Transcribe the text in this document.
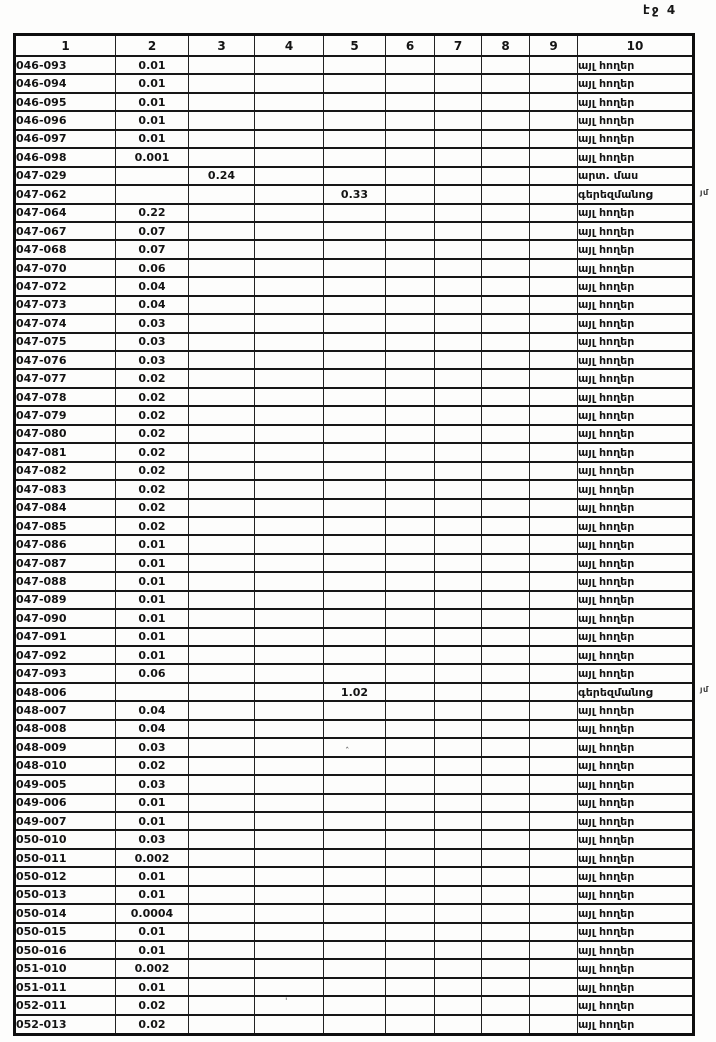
էջ 4
1	2	3	4	5	6	7	8	9	10
046-093	0.01								այլ հողեր
046-094	0.01								այլ հողեր
046-095	0.01								այլ հողեր
046-096	0.01								այլ հողեր
046-097	0.01								այլ հողեր
046-098	0.001								այլ հողեր
047-029		0.24							արտ. մաս
047-062				0.33					գերեզմանոց
047-064	0.22								այլ հողեր
047-067	0.07								այլ հողեր
047-068	0.07								այլ հողեր
047-070	0.06								այլ հողեր
047-072	0.04								այլ հողեր
047-073	0.04								այլ հողեր
047-074	0.03								այլ հողեր
047-075	0.03								այլ հողեր
047-076	0.03								այլ հողեր
047-077	0.02								այլ հողեր
047-078	0.02								այլ հողեր
047-079	0.02								այլ հողեր
047-080	0.02								այլ հողեր
047-081	0.02								այլ հողեր
047-082	0.02								այլ հողեր
047-083	0.02								այլ հողեր
047-084	0.02								այլ հողեր
047-085	0.02								այլ հողեր
047-086	0.01								այլ հողեր
047-087	0.01								այլ հողեր
047-088	0.01								այլ հողեր
047-089	0.01								այլ հողեր
047-090	0.01								այլ հողեր
047-091	0.01								այլ հողեր
047-092	0.01								այլ հողեր
047-093	0.06								այլ հողեր
048-006				1.02					գերեզմանոց
048-007	0.04								այլ հողեր
048-008	0.04								այլ հողեր
048-009	0.03								այլ հողեր
048-010	0.02								այլ հողեր
049-005	0.03								այլ հողեր
049-006	0.01								այլ հողեր
049-007	0.01								այլ հողեր
050-010	0.03								այլ հողեր
050-011	0.002								այլ հողեր
050-012	0.01								այլ հողեր
050-013	0.01								այլ հողեր
050-014	0.0004								այլ հողեր
050-015	0.01								այլ հողեր
050-016	0.01								այլ հողեր
051-010	0.002								այլ հողեր
051-011	0.01								այլ հողեր
052-011	0.02								այլ հողեր
052-013	0.02								այլ հողեր
յմ
յմ
ˆ
'
